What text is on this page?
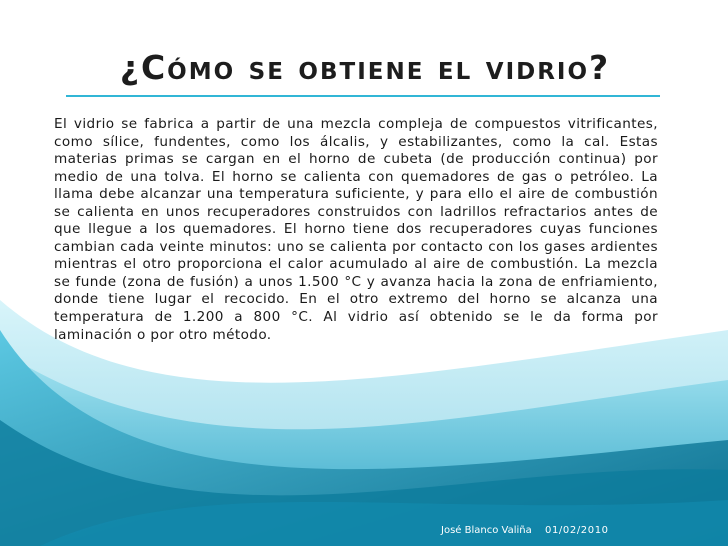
¿Cómo se obtiene el vidrio?
El vidrio se fabrica a partir de una mezcla compleja de compuestos vitrificantes, como sílice, fundentes, como los álcalis, y estabilizantes, como la cal. Estas materias primas se cargan en el horno de cubeta (de producción continua) por medio de una tolva. El horno se calienta con quemadores de gas o petróleo. La llama debe alcanzar una temperatura suficiente, y para ello el aire de combustión se calienta en unos recuperadores construidos con ladrillos refractarios antes de que llegue a los quemadores. El horno tiene dos recuperadores cuyas funciones cambian cada veinte minutos: uno se calienta por contacto con los gases ardientes mientras el otro proporciona el calor acumulado al aire de combustión. La mezcla se funde (zona de fusión) a unos 1.500 °C y avanza hacia la zona de enfriamiento, donde tiene lugar el recocido. En el otro extremo del horno se alcanza una temperatura de 1.200 a 800 °C. Al vidrio así obtenido se le da forma por laminación o por otro método.
José Blanco Valiña 01/02/2010
